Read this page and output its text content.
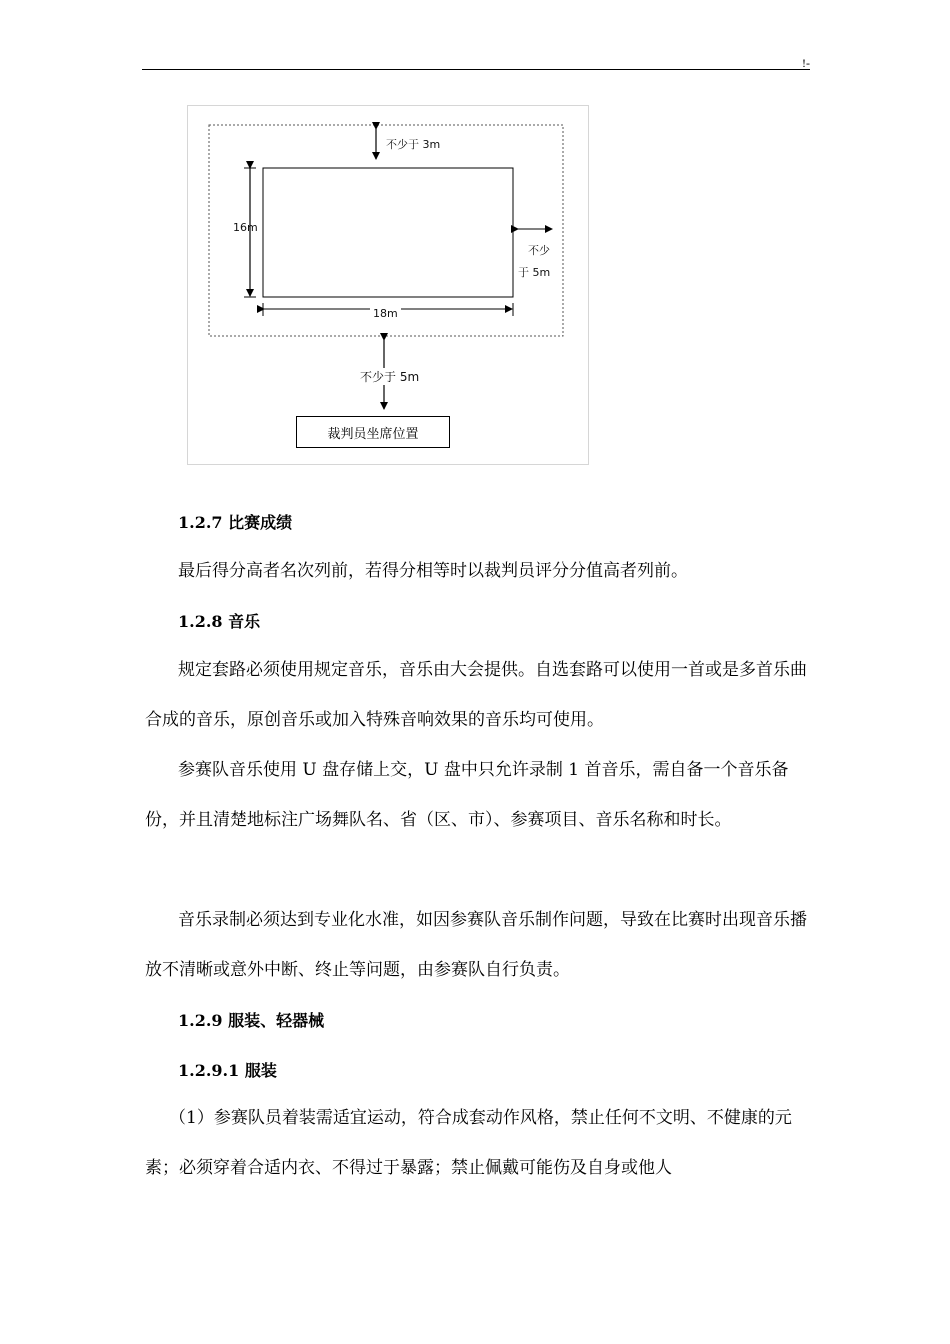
!-
不少于 3m
16m
不少
于 5m
18m
不少于 5m
裁判员坐席位置
1.2.7 比赛成绩

最后得分高者名次列前，若得分相等时以裁判员评分分值高者列前。

1.2.8 音乐

规定套路必须使用规定音乐，音乐由大会提供。自选套路可以使用一首或是多首乐曲合成的音乐，原创音乐或加入特殊音响效果的音乐均可使用。

参赛队音乐使用 U 盘存储上交，U 盘中只允许录制 1 首音乐，需自备一个音乐备份，并且清楚地标注广场舞队名、省（区、市）、参赛项目、音乐名称和时长。

音乐录制必须达到专业化水准，如因参赛队音乐制作问题，导致在比赛时出现音乐播放不清晰或意外中断、终止等问题，由参赛队自行负责。

1.2.9 服装、轻器械
1.2.9.1 服装

（1）参赛队员着装需适宜运动，符合成套动作风格，禁止任何不文明、不健康的元素；必须穿着合适内衣、不得过于暴露；禁止佩戴可能伤及自身或他人
